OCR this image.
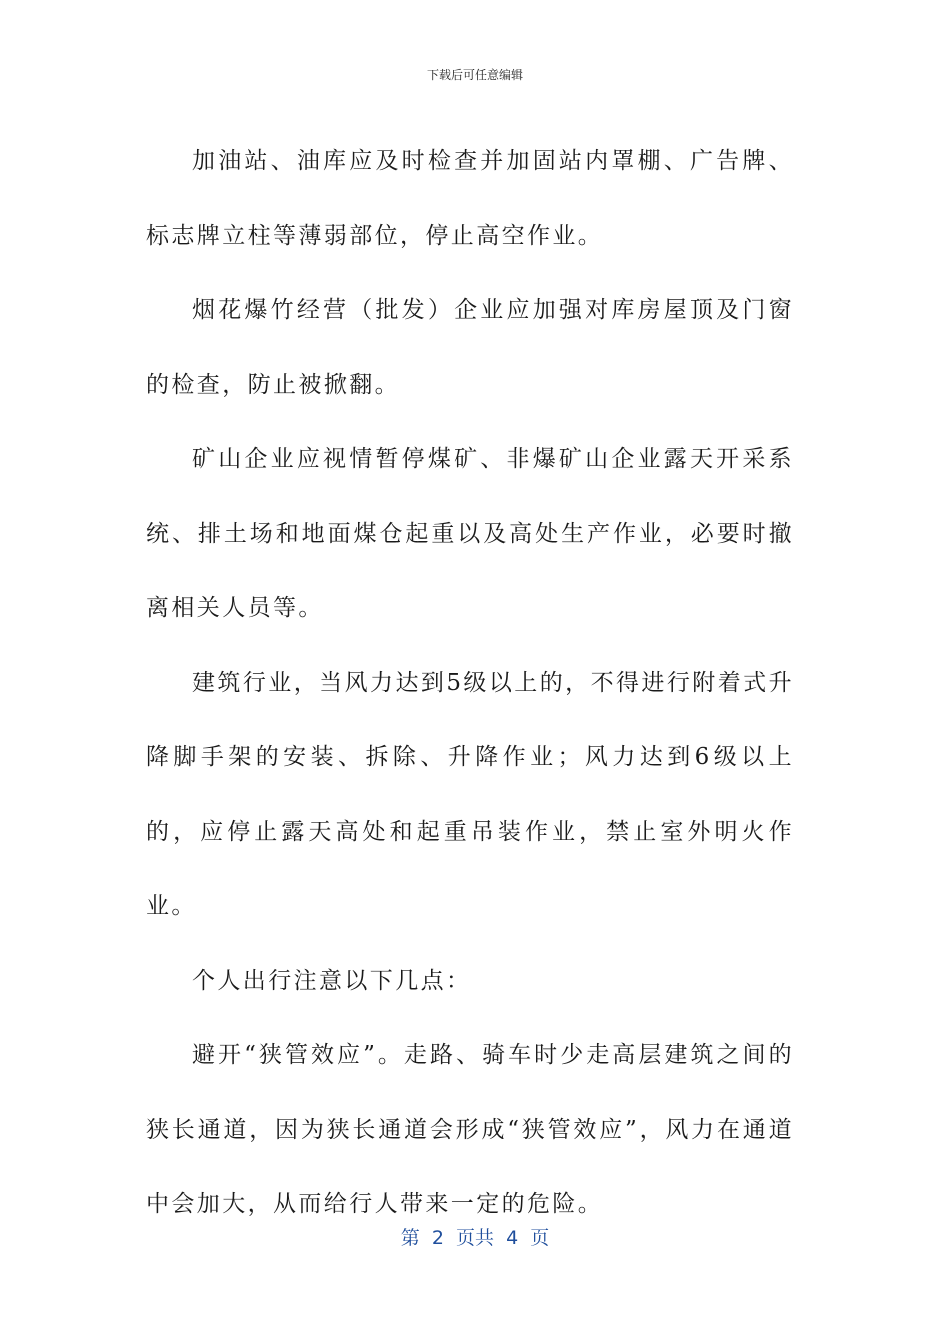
下载后可任意编辑

加油站、油库应及时检查并加固站内罩棚、广告牌、标志牌立柱等薄弱部位，停止高空作业。

烟花爆竹经营（批发）企业应加强对库房屋顶及门窗的检查，防止被掀翻。

矿山企业应视情暂停煤矿、非爆矿山企业露天开采系统、排土场和地面煤仓起重以及高处生产作业，必要时撤离相关人员等。

建筑行业，当风力达到5级以上的，不得进行附着式升降脚手架的安装、拆除、升降作业；风力达到6级以上的，应停止露天高处和起重吊装作业，禁止室外明火作业。

个人出行注意以下几点：

避开“狭管效应”。走路、骑车时少走高层建筑之间的狭长通道，因为狭长通道会形成“狭管效应”，风力在通道中会加大，从而给行人带来一定的危险。

第  2  页共  4  页
